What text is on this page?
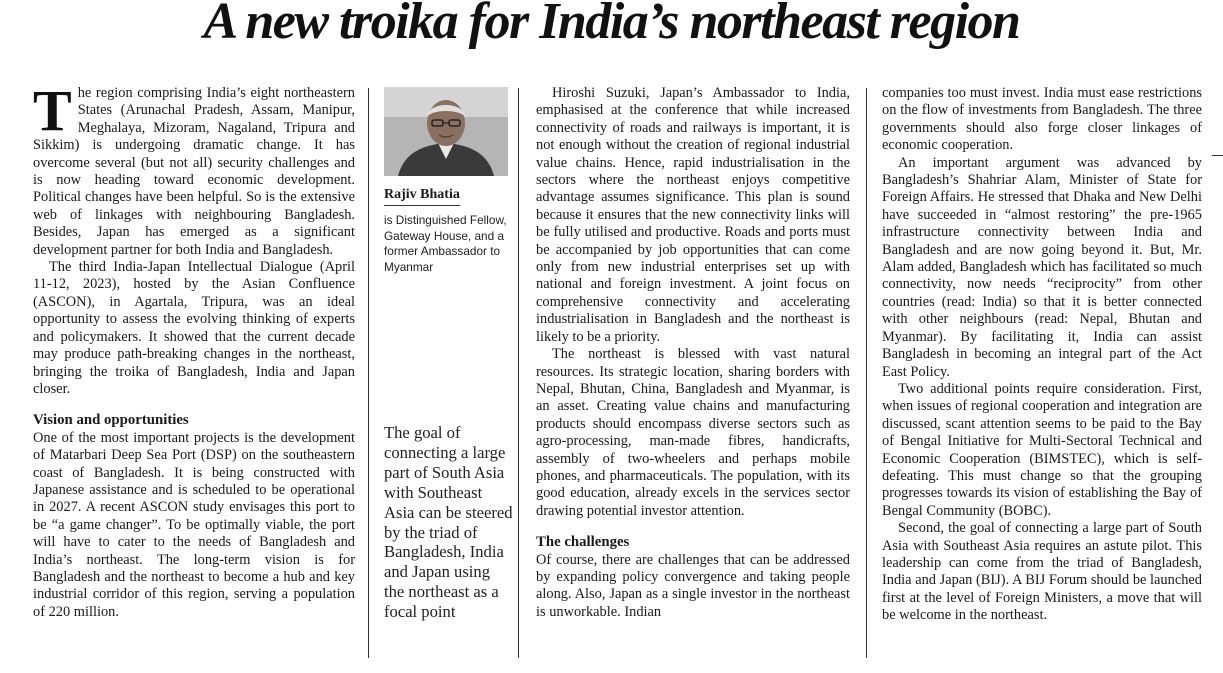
A new troika for India’s northeast region

The region comprising India’s eight northeastern States (Arunachal Pradesh, Assam, Manipur, Meghalaya, Mizoram, Nagaland, Tripura and Sikkim) is undergoing dramatic change. It has overcome several (but not all) security challenges and is now heading toward economic development. Political changes have been helpful. So is the extensive web of linkages with neighbouring Bangladesh. Besides, Japan has emerged as a significant development partner for both India and Bangladesh.

The third India-Japan Intellectual Dialogue (April 11-12, 2023), hosted by the Asian Confluence (ASCON), in Agartala, Tripura, was an ideal opportunity to assess the evolving thinking of experts and policymakers. It showed that the current decade may produce path-breaking changes in the northeast, bringing the troika of Bangladesh, India and Japan closer.

Vision and opportunities

One of the most important projects is the development of Matarbari Deep Sea Port (DSP) on the southeastern coast of Bangladesh. It is being constructed with Japanese assistance and is scheduled to be operational in 2027. A recent ASCON study envisages this port to be “a game changer”. To be optimally viable, the port will have to cater to the needs of Bangladesh and India’s northeast. The long-term vision is for Bangladesh and the northeast to become a hub and key industrial corridor of this region, serving a population of 220 million.

Rajiv Bhatia
is Distinguished Fellow, Gateway House, and a former Ambassador to Myanmar

The goal of connecting a large part of South Asia with Southeast Asia can be steered by the triad of Bangladesh, India and Japan using the northeast as a focal point

Hiroshi Suzuki, Japan’s Ambassador to India, emphasised at the conference that while increased connectivity of roads and railways is important, it is not enough without the creation of regional industrial value chains. Hence, rapid industrialisation in the sectors where the northeast enjoys competitive advantage assumes significance. This plan is sound because it ensures that the new connectivity links will be fully utilised and productive. Roads and ports must be accompanied by job opportunities that can come only from new industrial enterprises set up with national and foreign investment. A joint focus on comprehensive connectivity and accelerating industrialisation in Bangladesh and the northeast is likely to be a priority.

The northeast is blessed with vast natural resources. Its strategic location, sharing borders with Nepal, Bhutan, China, Bangladesh and Myanmar, is an asset. Creating value chains and manufacturing products should encompass diverse sectors such as agro-processing, man-made fibres, handicrafts, assembly of two-wheelers and perhaps mobile phones, and pharmaceuticals. The population, with its good education, already excels in the services sector drawing potential investor attention.

The challenges

Of course, there are challenges that can be addressed by expanding policy convergence and taking people along. Also, Japan as a single investor in the northeast is unworkable. Indian

companies too must invest. India must ease restrictions on the flow of investments from Bangladesh. The three governments should also forge closer linkages of economic cooperation.

An important argument was advanced by Bangladesh’s Shahriar Alam, Minister of State for Foreign Affairs. He stressed that Dhaka and New Delhi have succeeded in “almost restoring” the pre-1965 infrastructure connectivity between India and Bangladesh and are now going beyond it. But, Mr. Alam added, Bangladesh which has facilitated so much connectivity, now needs “reciprocity” from other countries (read: India) so that it is better connected with other neighbours (read: Nepal, Bhutan and Myanmar). By facilitating it, India can assist Bangladesh in becoming an integral part of the Act East Policy.

Two additional points require consideration. First, when issues of regional cooperation and integration are discussed, scant attention seems to be paid to the Bay of Bengal Initiative for Multi-Sectoral Technical and Economic Cooperation (BIMSTEC), which is self-defeating. This must change so that the grouping progresses towards its vision of establishing the Bay of Bengal Community (BOBC).

Second, the goal of connecting a large part of South Asia with Southeast Asia requires an astute pilot. This leadership can come from the triad of Bangladesh, India and Japan (BIJ). A BIJ Forum should be launched first at the level of Foreign Ministers, a move that will be welcome in the northeast.
